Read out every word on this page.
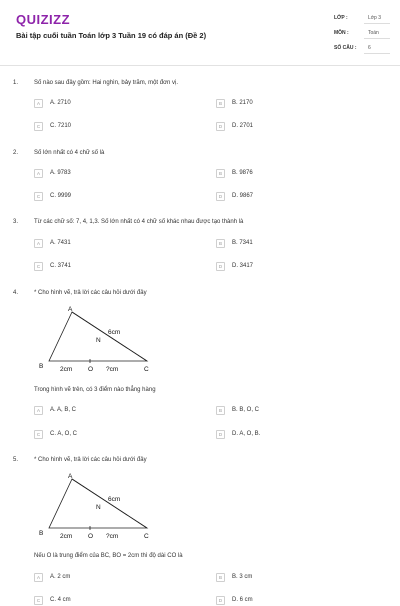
QUIZIZZ
Bài tập cuối tuần Toán lớp 3 Tuần 19 có đáp án (Đề 2)
LỚP :	Lớp 3
MÔN :	Toán
SỐ CÂU : 6
1.	Số nào sau đây gồm: Hai nghìn, bảy trăm, một đơn vị.
A	A. 2710	B	B. 2170
C	C. 7210	D	D. 2701
2.	Số lớn nhất có 4 chữ số là
A	A. 9783	B	B. 9876
C	C. 9999	D	D. 9867
3.	Từ các chữ số: 7, 4, 1,3. Số lớn nhất có 4 chữ số khác nhau được tạo thành là
A	A. 7431	B	B. 7341
C	C. 3741	D	D. 3417
4.	* Cho hình vẽ, trả lời các câu hỏi dưới đây
A
B	C
N
O
6cm
2cm	?cm
Trong hình vẽ trên, có 3 điểm nào thẳng hàng
A	A. A, B, C	B	B. B, O, C
C	C. A, O, C	D	D. A, O, B.
5.	* Cho hình vẽ, trả lời các câu hỏi dưới đây
A
B	C
N
O
6cm
2cm	?cm
Nếu O là trung điểm của BC, BO = 2cm thì độ dài CO là
A	A. 2 cm	B	B. 3 cm
C	C. 4 cm	D	D. 6 cm
